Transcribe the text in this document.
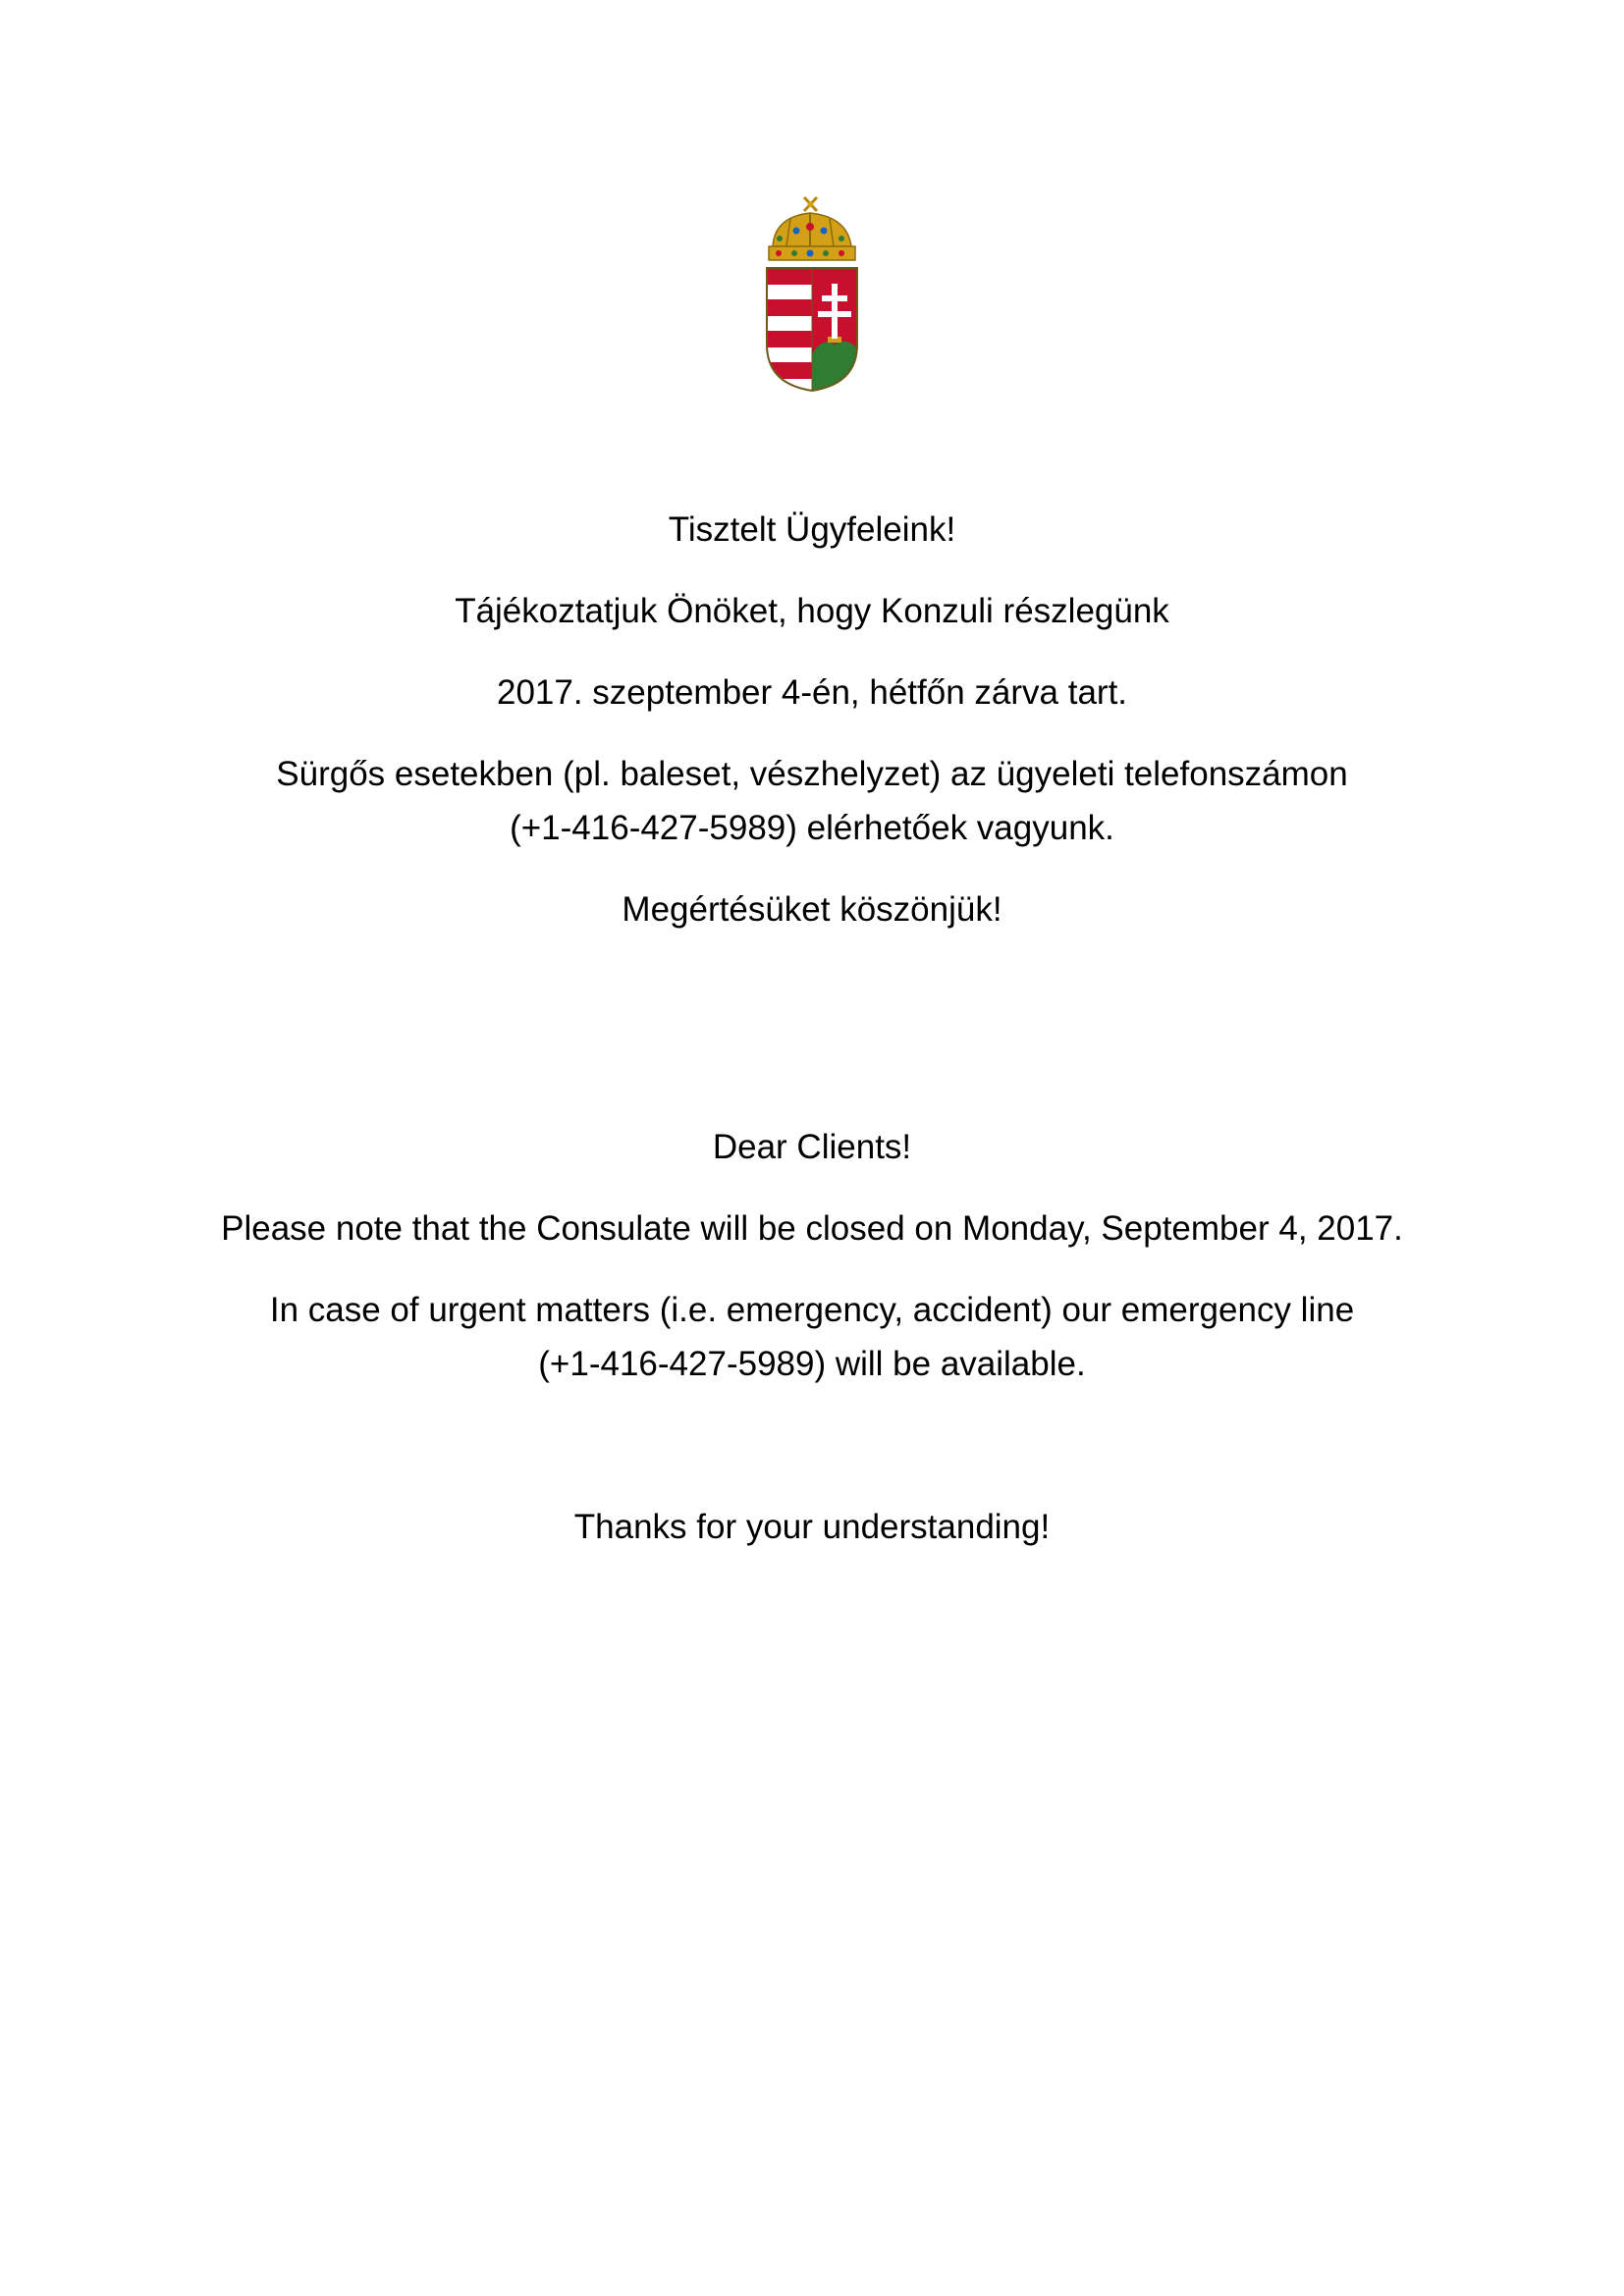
Tisztelt Ügyfeleink!
Tájékoztatjuk Önöket, hogy Konzuli részlegünk
2017. szeptember 4-én, hétfőn zárva tart.
Sürgős esetekben (pl. baleset, vészhelyzet) az ügyeleti telefonszámon
(+1-416-427-5989) elérhetőek vagyunk.
Megértésüket köszönjük!
Dear Clients!
Please note that the Consulate will be closed on Monday, September 4, 2017.
In case of urgent matters (i.e. emergency, accident) our emergency line
(+1-416-427-5989) will be available.
Thanks for your understanding!
